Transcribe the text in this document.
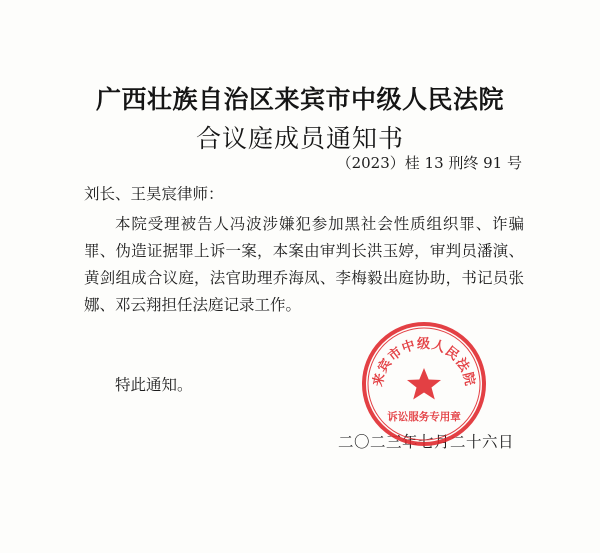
广西壮族自治区来宾市中级人民法院
合议庭成员通知书
（2023）桂 13 刑终 91 号
刘长、王昊宸律师：

本院受理被告人冯波涉嫌犯参加黑社会性质组织罪、诈骗罪、伪造证据罪上诉一案，本案由审判长洪玉婷，审判员潘演、黄剑组成合议庭，法官助理乔海凤、李梅毅出庭协助，书记员张娜、邓云翔担任法庭记录工作。

特此通知。
二〇二三年七月二十六日
来宾市中级人民法院
诉讼服务专用章
